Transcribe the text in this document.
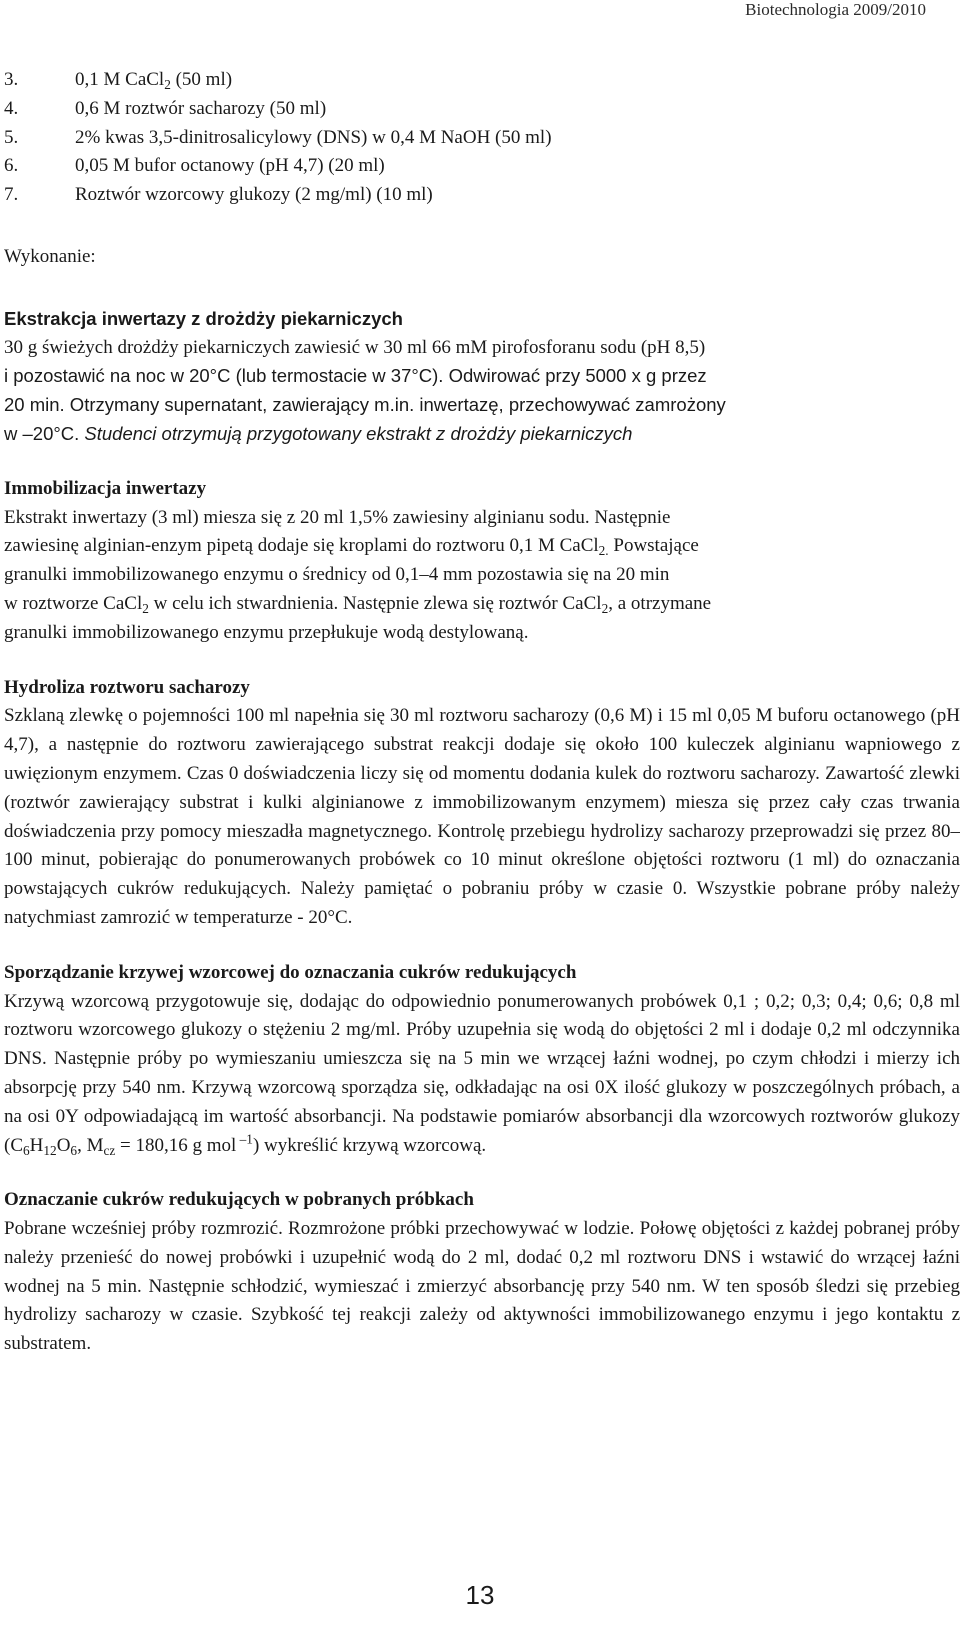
Biotechnologia 2009/2010
3.	0,1 M CaCl$_2$ (50 ml)
4.	0,6 M roztwór sacharozy (50 ml)
5.	2% kwas 3,5-dinitrosalicylowy (DNS) w 0,4 M NaOH (50 ml)
6.	0,05 M bufor octanowy (pH 4,7) (20 ml)
7.	Roztwór wzorcowy glukozy (2 mg/ml) (10 ml)

Wykonanie:

Ekstrakcja inwertazy z drożdży piekarniczych

30 g świeżych drożdży piekarniczych zawiesić w 30 ml 66 mM pirofosforanu sodu (pH 8,5)

i pozostawić na noc w 20°C (lub termostacie w 37°C). Odwirować przy 5000 x g przez

20 min. Otrzymany supernatant, zawierający m.in. inwertazę, przechowywać zamrożony

w –20°C. Studenci otrzymują przygotowany ekstrakt z drożdży piekarniczych

Immobilizacja inwertazy

Ekstrakt inwertazy (3 ml) miesza się z 20 ml 1,5% zawiesiny alginianu sodu. Następnie

zawiesinę alginian-enzym pipetą dodaje się kroplami do roztworu 0,1 M CaCl$_{2.}$ Powstające

granulki immobilizowanego enzymu o średnicy od 0,1–4 mm pozostawia się na 20 min

w roztworze CaCl$_2$ w celu ich stwardnienia. Następnie zlewa się roztwór CaCl$_2$, a otrzymane

granulki immobilizowanego enzymu przepłukuje wodą destylowaną.

Hydroliza roztworu sacharozy

Szklaną zlewkę o pojemności 100 ml napełnia się 30 ml roztworu sacharozy (0,6 M) i 15 ml 0,05 M buforu octanowego (pH 4,7), a następnie do roztworu zawierającego substrat reakcji dodaje się około 100 kuleczek alginianu wapniowego z uwięzionym enzymem. Czas 0 doświadczenia liczy się od momentu dodania kulek do roztworu sacharozy. Zawartość zlewki (roztwór zawierający substrat i kulki alginianowe z immobilizowanym enzymem) miesza się przez cały czas trwania doświadczenia przy pomocy mieszadła magnetycznego. Kontrolę przebiegu hydrolizy sacharozy przeprowadzi się przez 80–100 minut, pobierając do ponumerowanych probówek co 10 minut określone objętości roztworu (1 ml) do oznaczania powstających cukrów redukujących. Należy pamiętać o pobraniu próby w czasie 0. Wszystkie pobrane próby należy natychmiast zamrozić w temperaturze - 20°C.

Sporządzanie krzywej wzorcowej do oznaczania cukrów redukujących

Krzywą wzorcową przygotowuje się, dodając do odpowiednio ponumerowanych probówek 0,1 ; 0,2; 0,3; 0,4; 0,6; 0,8 ml roztworu wzorcowego glukozy o stężeniu 2 mg/ml. Próby uzupełnia się wodą do objętości 2 ml i dodaje 0,2 ml odczynnika DNS. Następnie próby po wymieszaniu umieszcza się na 5 min we wrzącej łaźni wodnej, po czym chłodzi i mierzy ich absorpcję przy 540 nm. Krzywą wzorcową sporządza się, odkładając na osi 0X ilość glukozy w poszczególnych próbach, a na osi 0Y odpowiadającą im wartość absorbancji. Na podstawie pomiarów absorbancji dla wzorcowych roztworów glukozy ($C_6H_{12}O_6$, $M_{cz} = 180,16$ g mol $^{-1}$) wykreślić krzywą wzorcową.

Oznaczanie cukrów redukujących w pobranych próbkach

Pobrane wcześniej próby rozmrozić. Rozmrożone próbki przechowywać w lodzie. Połowę objętości z każdej pobranej próby należy przenieść do nowej probówki i uzupełnić wodą do 2 ml, dodać 0,2 ml roztworu DNS i wstawić do wrzącej łaźni wodnej na 5 min. Następnie schłodzić, wymieszać i zmierzyć absorbancję przy 540 nm. W ten sposób śledzi się przebieg hydrolizy sacharozy w czasie. Szybkość tej reakcji zależy od aktywności immobilizowanego enzymu i jego kontaktu z substratem.

13
